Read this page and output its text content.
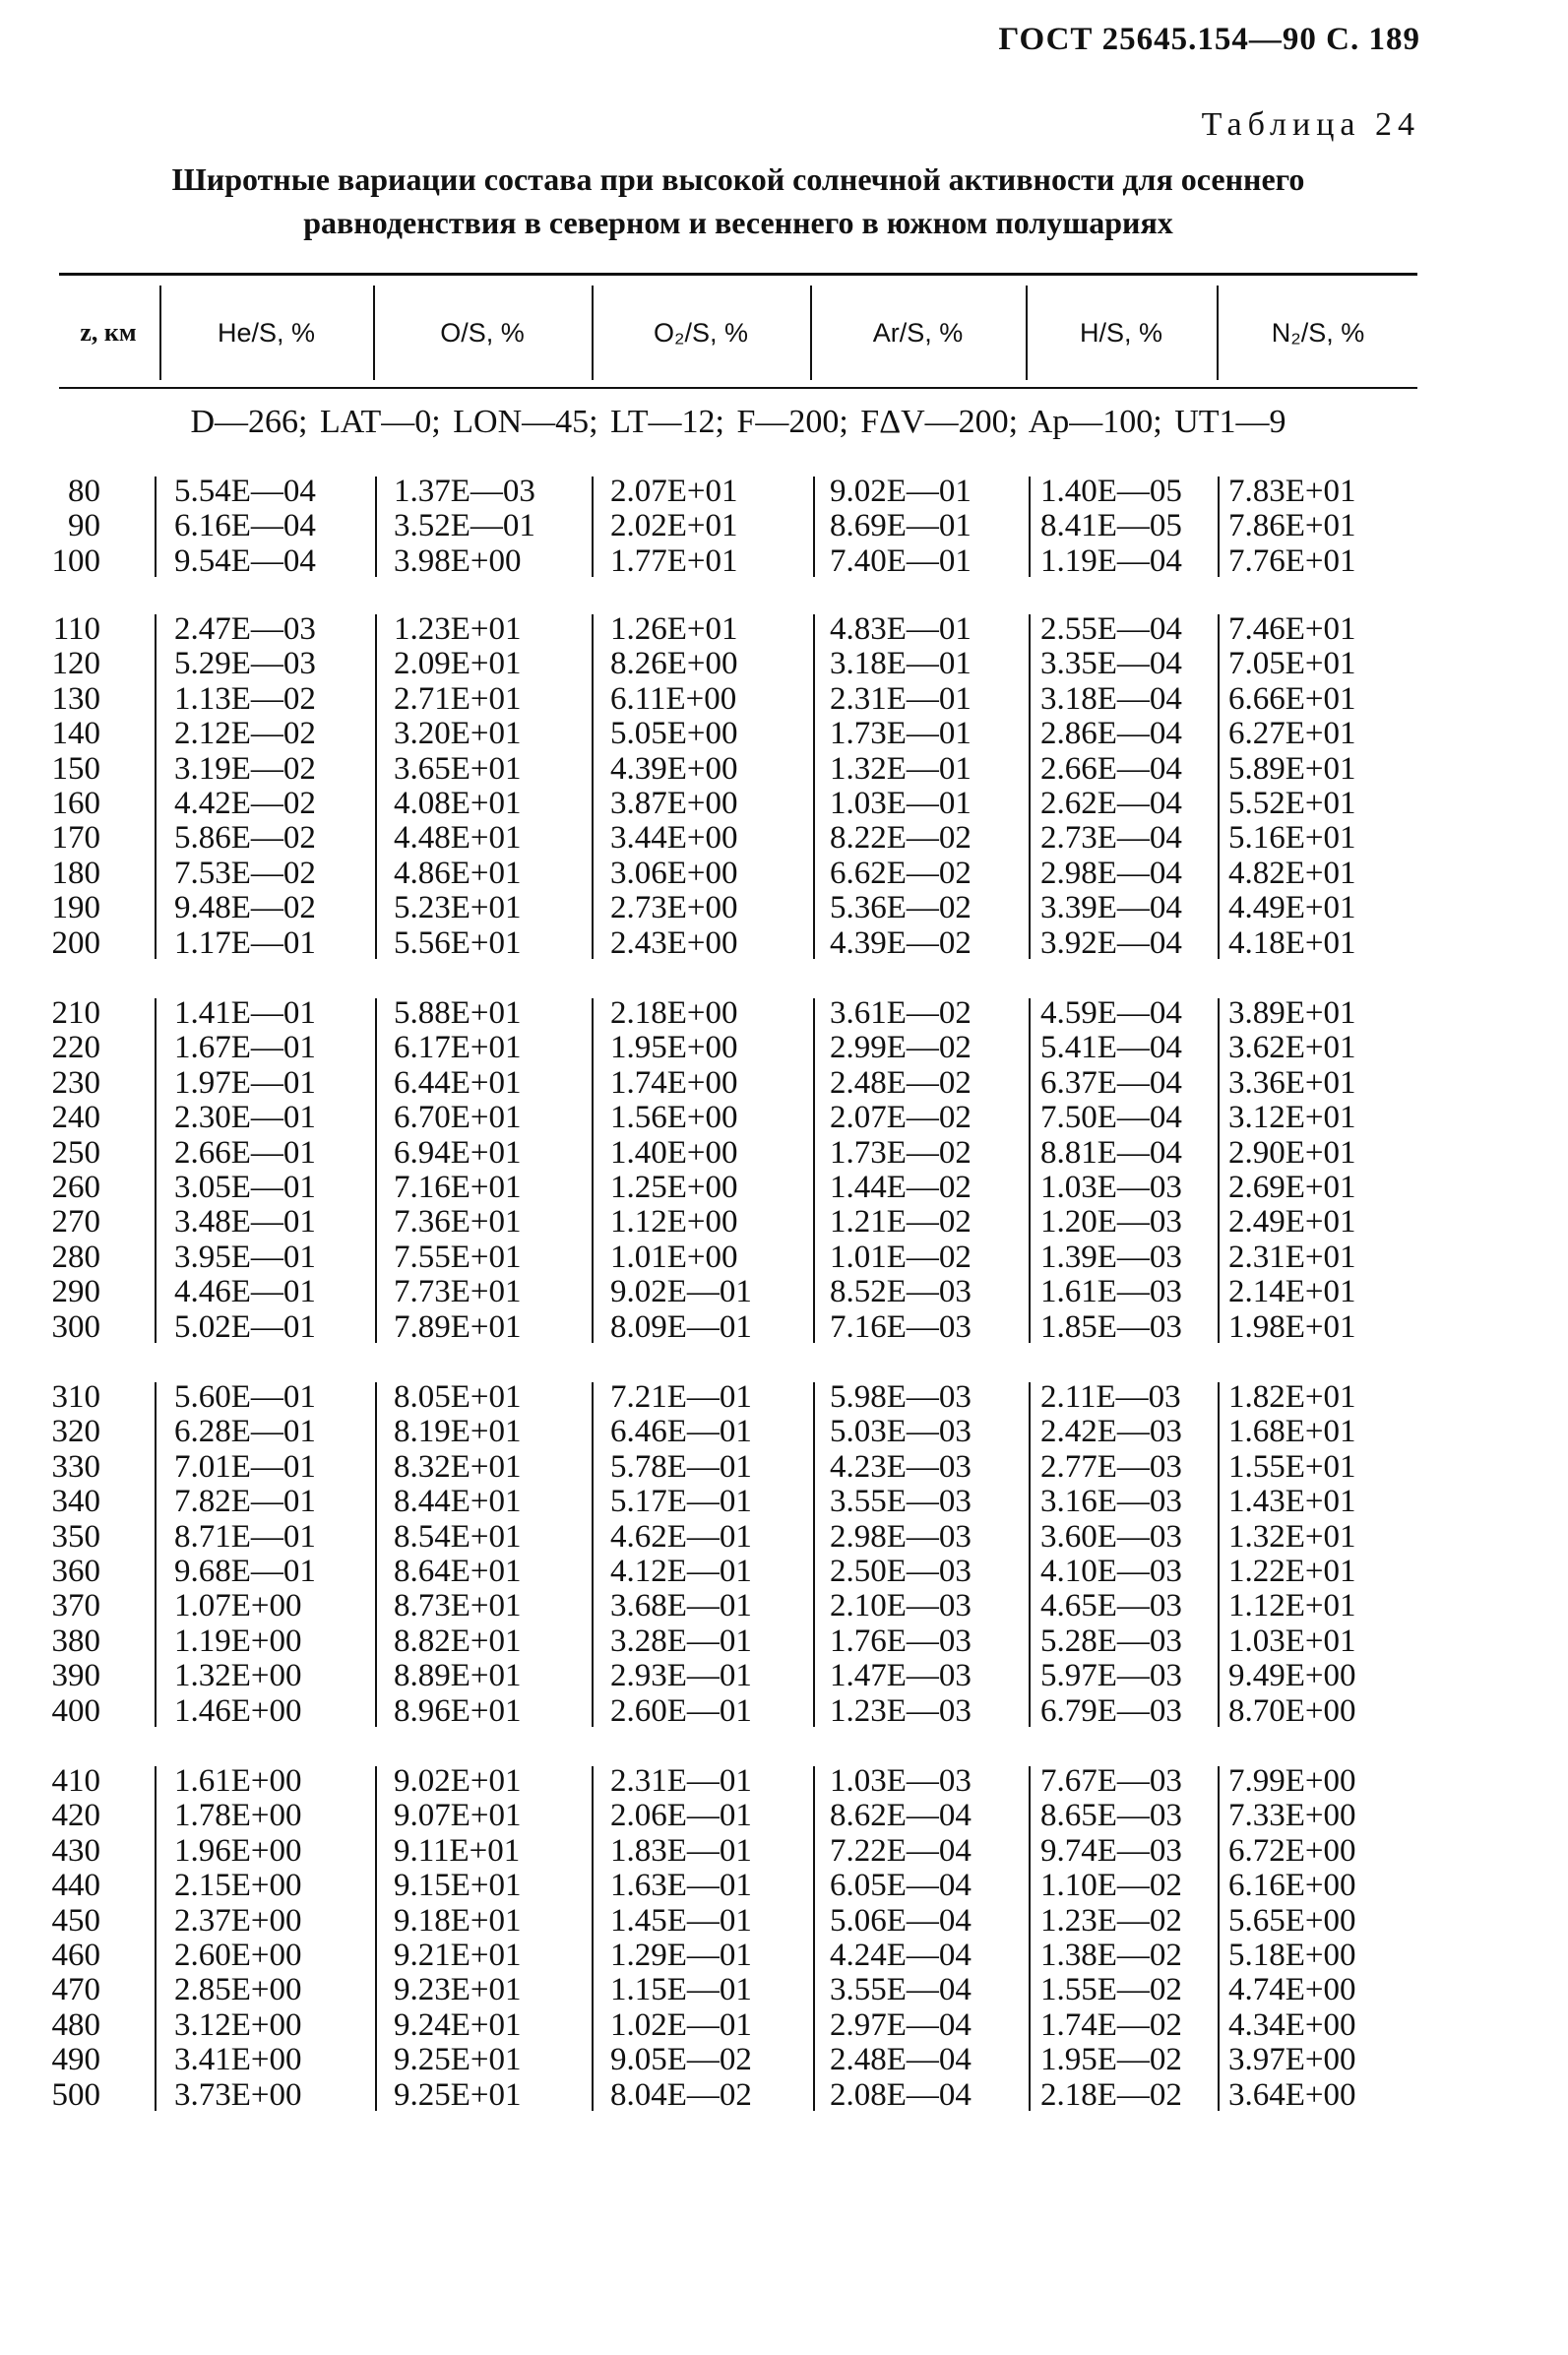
ГОСТ 25645.154—90 С. 189
Таблица 24
Широтные вариации состава при высокой солнечной активности для осеннего
равноденствия в северном и весеннего в южном полушариях
z, км	He/S, %	O/S, %	O₂/S, %	Ar/S, %	H/S, %	N₂/S, %
D—266; LAT—0; LON—45; LT—12; F—200; FΔV—200; Ap—100; UT1—9
80 5.54E—04 1.37E—03 2.07E+01	9.02E—01 1.40E—05 7.83E+01
90 6.16E—04 3.52E—01 2.02E+01	8.69E—01 8.41E—05 7.86E+01
100 9.54E—04 3.98E+00	1.77E+01	7.40E—01 1.19E—04 7.76E+01
110 2.47E—03 1.23E+01	1.26E+01	4.83E—01 2.55E—04 7.46E+01
120 5.29E—03 2.09E+01	8.26E+00	3.18E—01 3.35E—04 7.05E+01
130 1.13E—02 2.71E+01	6.11E+00	2.31E—01 3.18E—04 6.66E+01
140 2.12E—02 3.20E+01	5.05E+00	1.73E—01 2.86E—04 6.27E+01
150 3.19E—02 3.65E+01	4.39E+00	1.32E—01 2.66E—04 5.89E+01
160 4.42E—02 4.08E+01	3.87E+00	1.03E—01 2.62E—04 5.52E+01
170 5.86E—02 4.48E+01	3.44E+00	8.22E—02 2.73E—04 5.16E+01
180 7.53E—02 4.86E+01	3.06E+00	6.62E—02 2.98E—04 4.82E+01
190 9.48E—02 5.23E+01	2.73E+00	5.36E—02 3.39E—04 4.49E+01
200 1.17E—01 5.56E+01	2.43E+00	4.39E—02 3.92E—04 4.18E+01
210 1.41E—01 5.88E+01	2.18E+00	3.61E—02 4.59E—04 3.89E+01
220 1.67E—01 6.17E+01	1.95E+00	2.99E—02 5.41E—04 3.62E+01
230 1.97E—01 6.44E+01	1.74E+00	2.48E—02 6.37E—04 3.36E+01
240 2.30E—01 6.70E+01	1.56E+00	2.07E—02 7.50E—04 3.12E+01
250 2.66E—01 6.94E+01	1.40E+00	1.73E—02 8.81E—04 2.90E+01
260 3.05E—01 7.16E+01	1.25E+00	1.44E—02 1.03E—03 2.69E+01
270 3.48E—01 7.36E+01	1.12E+00	1.21E—02 1.20E—03 2.49E+01
280 3.95E—01 7.55E+01	1.01E+00	1.01E—02 1.39E—03 2.31E+01
290 4.46E—01 7.73E+01	9.02E—01 8.52E—03 1.61E—03 2.14E+01
300 5.02E—01 7.89E+01	8.09E—01 7.16E—03 1.85E—03 1.98E+01
310 5.60E—01 8.05E+01	7.21E—01 5.98E—03 2.11E—03 1.82E+01
320 6.28E—01 8.19E+01	6.46E—01 5.03E—03 2.42E—03 1.68E+01
330 7.01E—01 8.32E+01	5.78E—01 4.23E—03 2.77E—03 1.55E+01
340 7.82E—01 8.44E+01	5.17E—01 3.55E—03 3.16E—03 1.43E+01
350 8.71E—01 8.54E+01	4.62E—01 2.98E—03 3.60E—03 1.32E+01
360 9.68E—01 8.64E+01	4.12E—01 2.50E—03 4.10E—03 1.22E+01
370 1.07E+00	8.73E+01	3.68E—01 2.10E—03 4.65E—03 1.12E+01
380 1.19E+00	8.82E+01	3.28E—01 1.76E—03 5.28E—03 1.03E+01
390 1.32E+00	8.89E+01	2.93E—01 1.47E—03 5.97E—03 9.49E+00
400 1.46E+00	8.96E+01	2.60E—01 1.23E—03 6.79E—03 8.70E+00
410 1.61E+00	9.02E+01	2.31E—01 1.03E—03 7.67E—03 7.99E+00
420 1.78E+00	9.07E+01	2.06E—01 8.62E—04 8.65E—03 7.33E+00
430 1.96E+00	9.11E+01	1.83E—01 7.22E—04 9.74E—03 6.72E+00
440 2.15E+00	9.15E+01	1.63E—01 6.05E—04 1.10E—02 6.16E+00
450 2.37E+00	9.18E+01	1.45E—01 5.06E—04 1.23E—02 5.65E+00
460 2.60E+00	9.21E+01	1.29E—01 4.24E—04 1.38E—02 5.18E+00
470 2.85E+00	9.23E+01	1.15E—01 3.55E—04 1.55E—02 4.74E+00
480 3.12E+00	9.24E+01	1.02E—01 2.97E—04 1.74E—02 4.34E+00
490 3.41E+00	9.25E+01	9.05E—02 2.48E—04 1.95E—02 3.97E+00
500 3.73E+00	9.25E+01	8.04E—02 2.08E—04 2.18E—02 3.64E+00
